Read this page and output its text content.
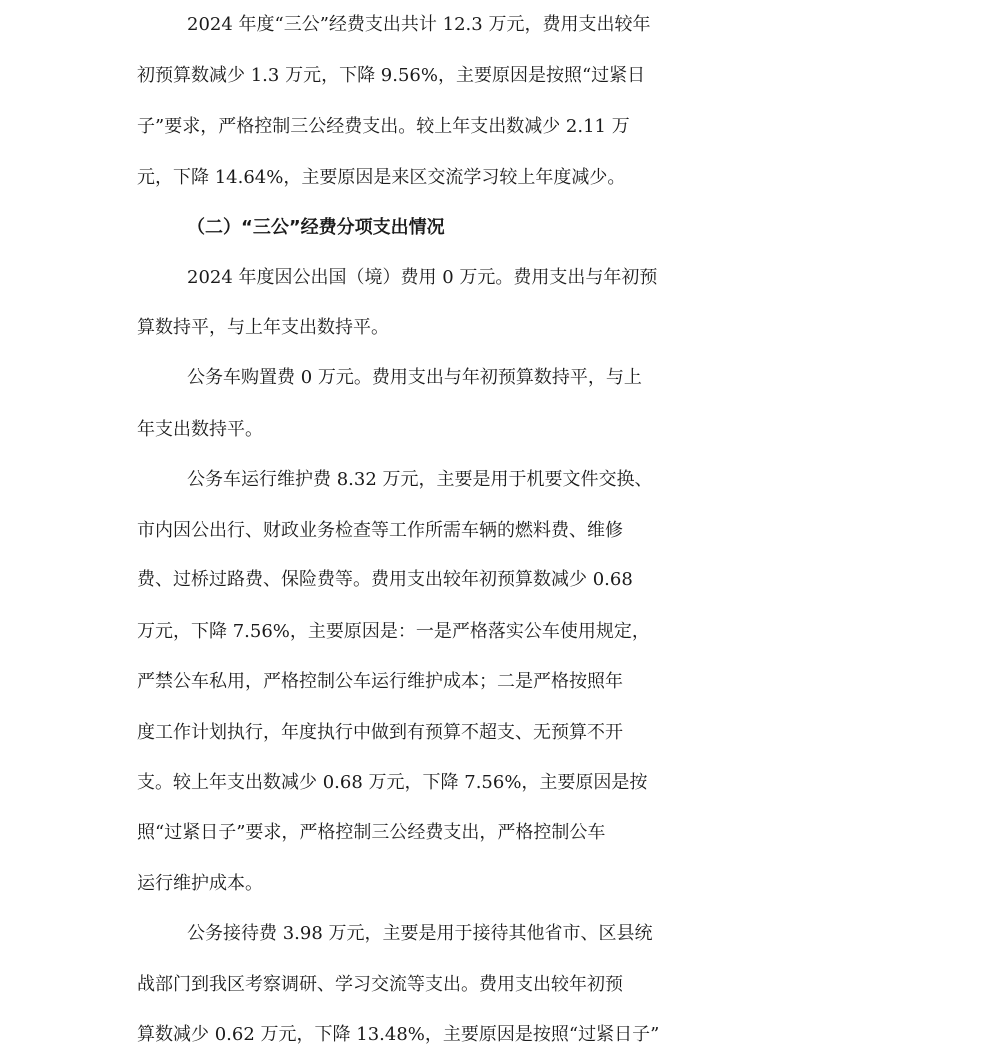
2024 年度“三公”经费支出共计 12.3 万元，费用支出较年
初预算数减少 1.3 万元，下降 9.56%，主要原因是按照“过紧日
子”要求，严格控制三公经费支出。较上年支出数减少 2.11 万
元，下降 14.64%，主要原因是来区交流学习较上年度减少。
（二）“三公”经费分项支出情况
2024 年度因公出国（境）费用 0 万元。费用支出与年初预
算数持平，与上年支出数持平。
公务车购置费 0 万元。费用支出与年初预算数持平，与上
年支出数持平。
公务车运行维护费 8.32 万元，主要是用于机要文件交换、
市内因公出行、财政业务检查等工作所需车辆的燃料费、维修
费、过桥过路费、保险费等。费用支出较年初预算数减少 0.68
万元，下降 7.56%，主要原因是：一是严格落实公车使用规定，
严禁公车私用，严格控制公车运行维护成本；二是严格按照年
度工作计划执行，年度执行中做到有预算不超支、无预算不开
支。较上年支出数减少 0.68 万元，下降 7.56%，主要原因是按
照“过紧日子”要求，严格控制三公经费支出，严格控制公车
运行维护成本。
公务接待费 3.98 万元，主要是用于接待其他省市、区县统
战部门到我区考察调研、学习交流等支出。费用支出较年初预
算数减少 0.62 万元，下降 13.48%，主要原因是按照“过紧日子”
